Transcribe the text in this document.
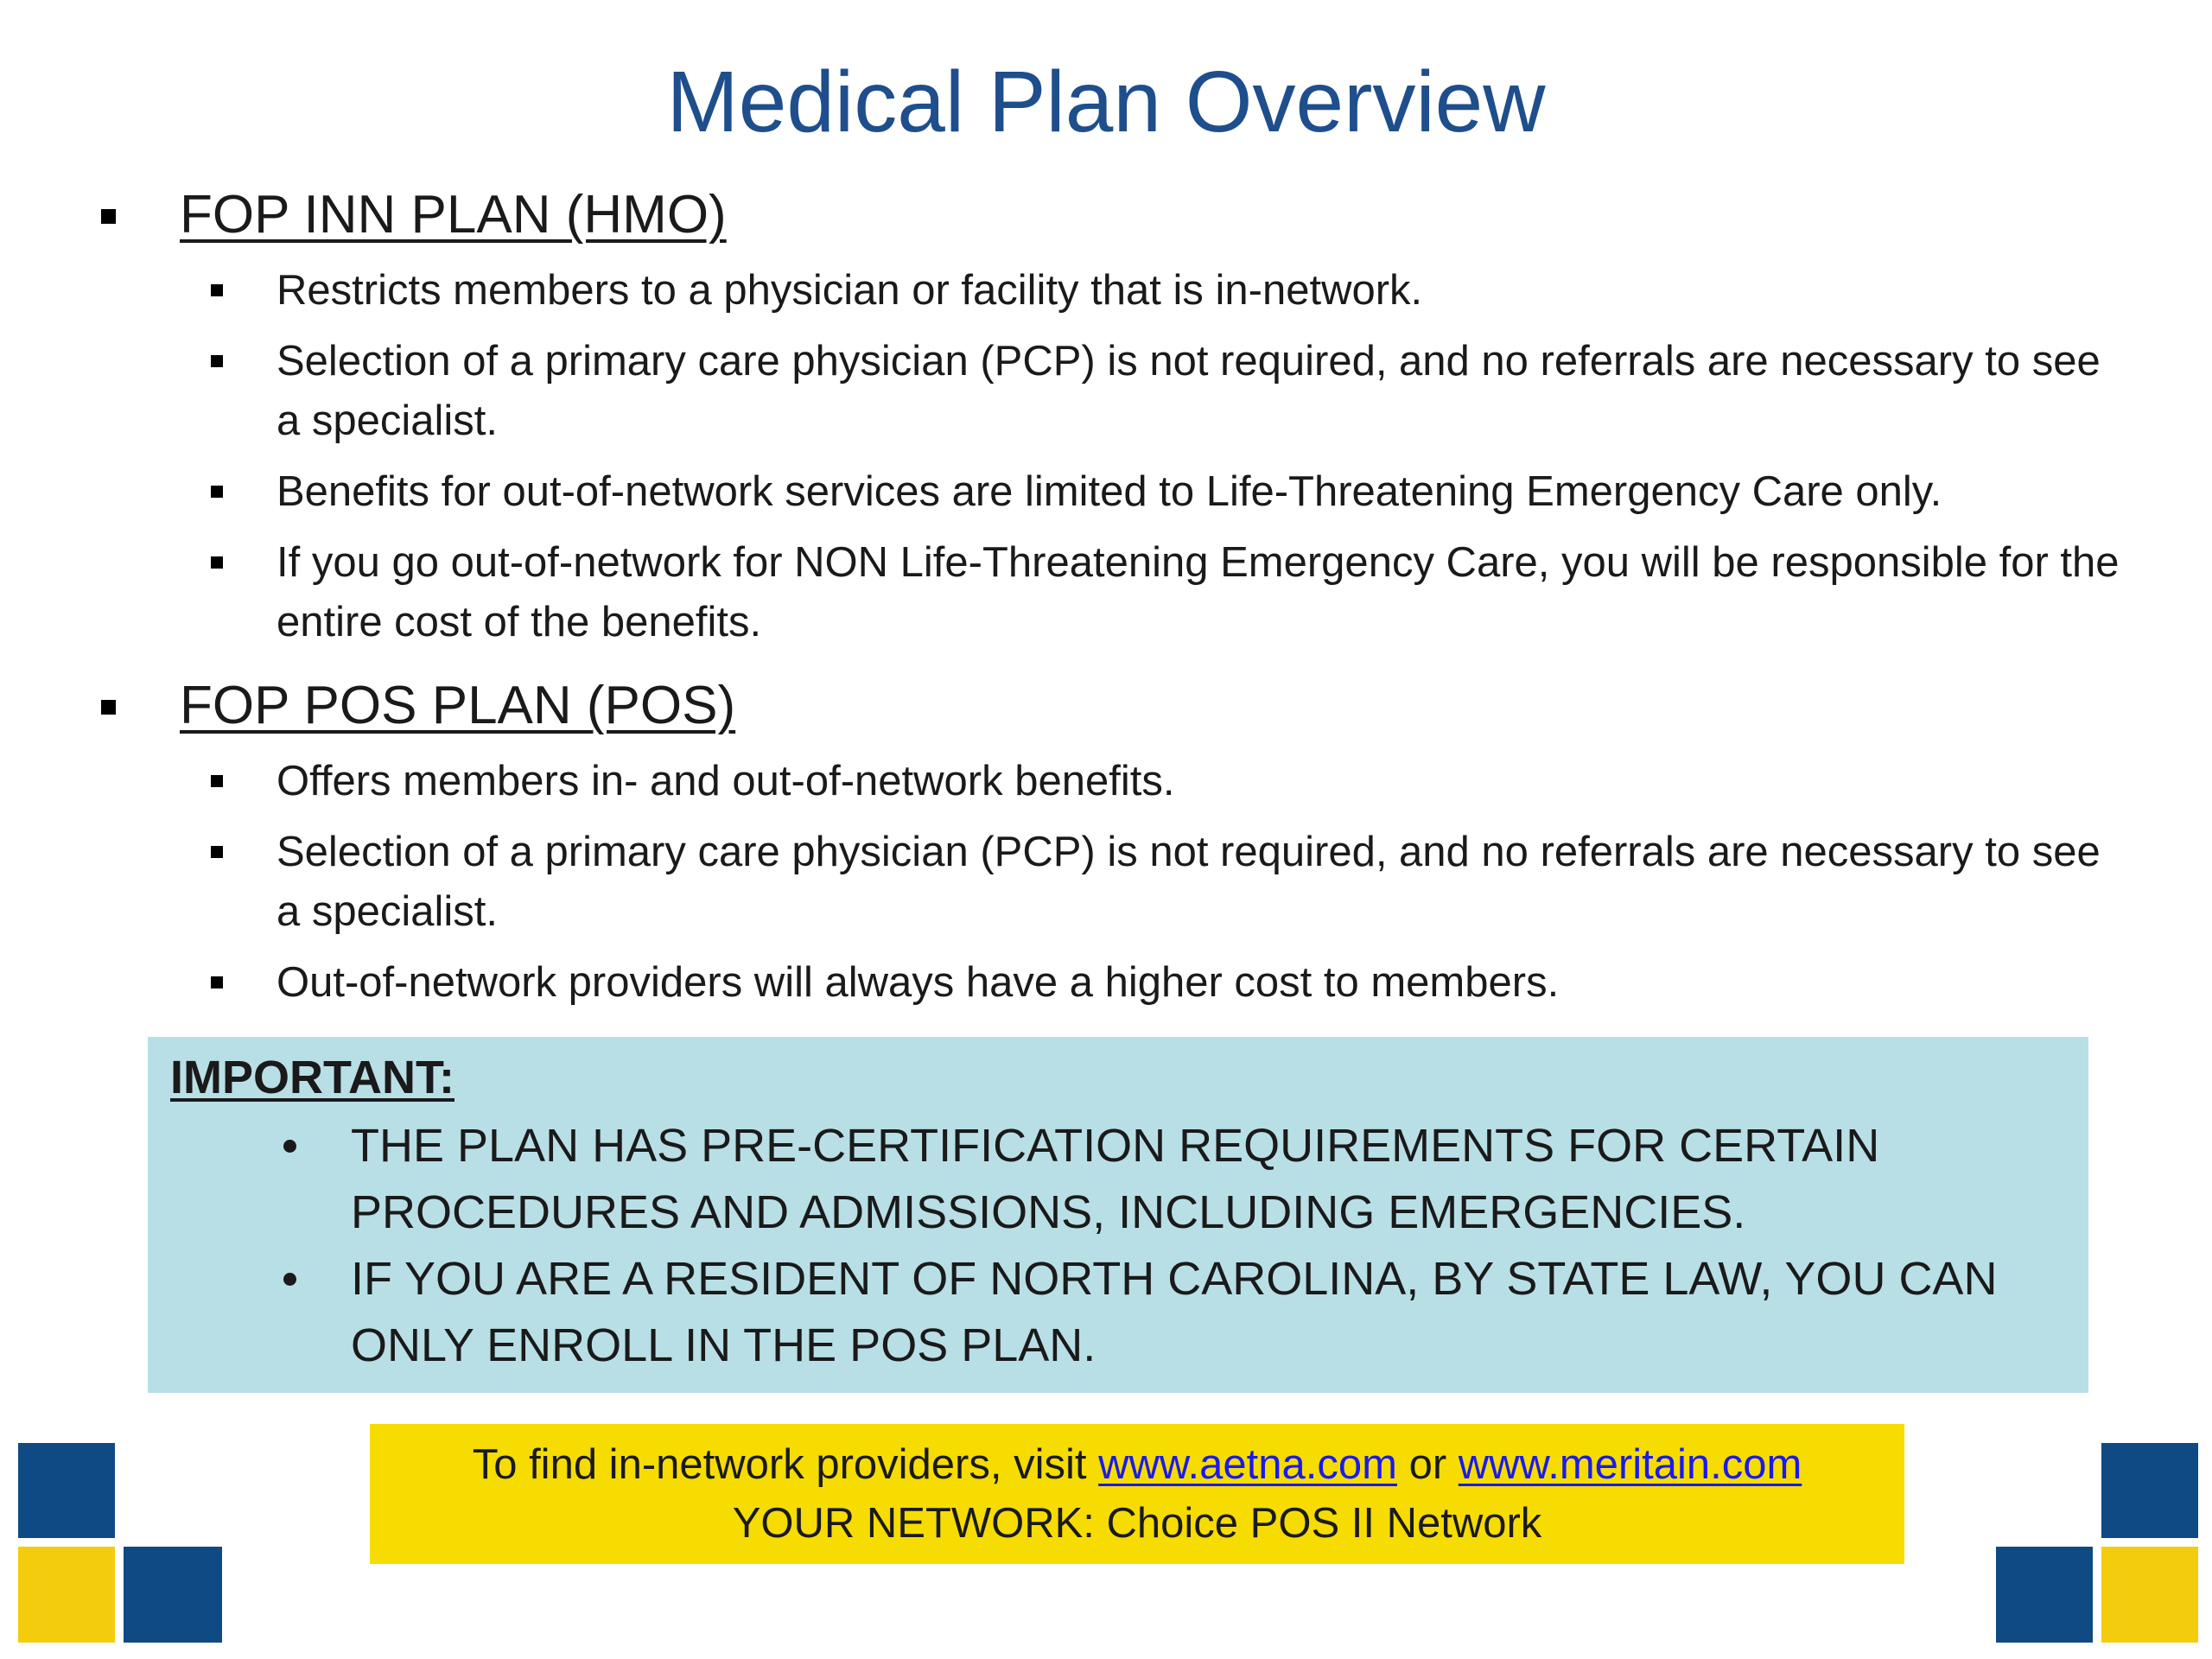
Medical Plan Overview
FOP INN PLAN (HMO)
Restricts members to a physician or facility that is in-network.
Selection of a primary care physician (PCP) is not required, and no referrals are necessary to see a specialist.
Benefits for out-of-network services are limited to Life-Threatening Emergency Care only.
If you go out-of-network for NON Life-Threatening Emergency Care, you will be responsible for the entire cost of the benefits.
FOP POS PLAN (POS)
Offers members in- and out-of-network benefits.
Selection of a primary care physician (PCP) is not required, and no referrals are necessary to see a specialist.
Out-of-network providers will always have a higher cost to members.
IMPORTANT:
THE PLAN HAS PRE-CERTIFICATION REQUIREMENTS FOR CERTAIN PROCEDURES AND ADMISSIONS, INCLUDING EMERGENCIES.
IF YOU ARE A RESIDENT OF NORTH CAROLINA, BY STATE LAW, YOU CAN ONLY ENROLL IN THE POS PLAN.
To find in-network providers, visit www.aetna.com or www.meritain.com
YOUR NETWORK: Choice POS II Network
